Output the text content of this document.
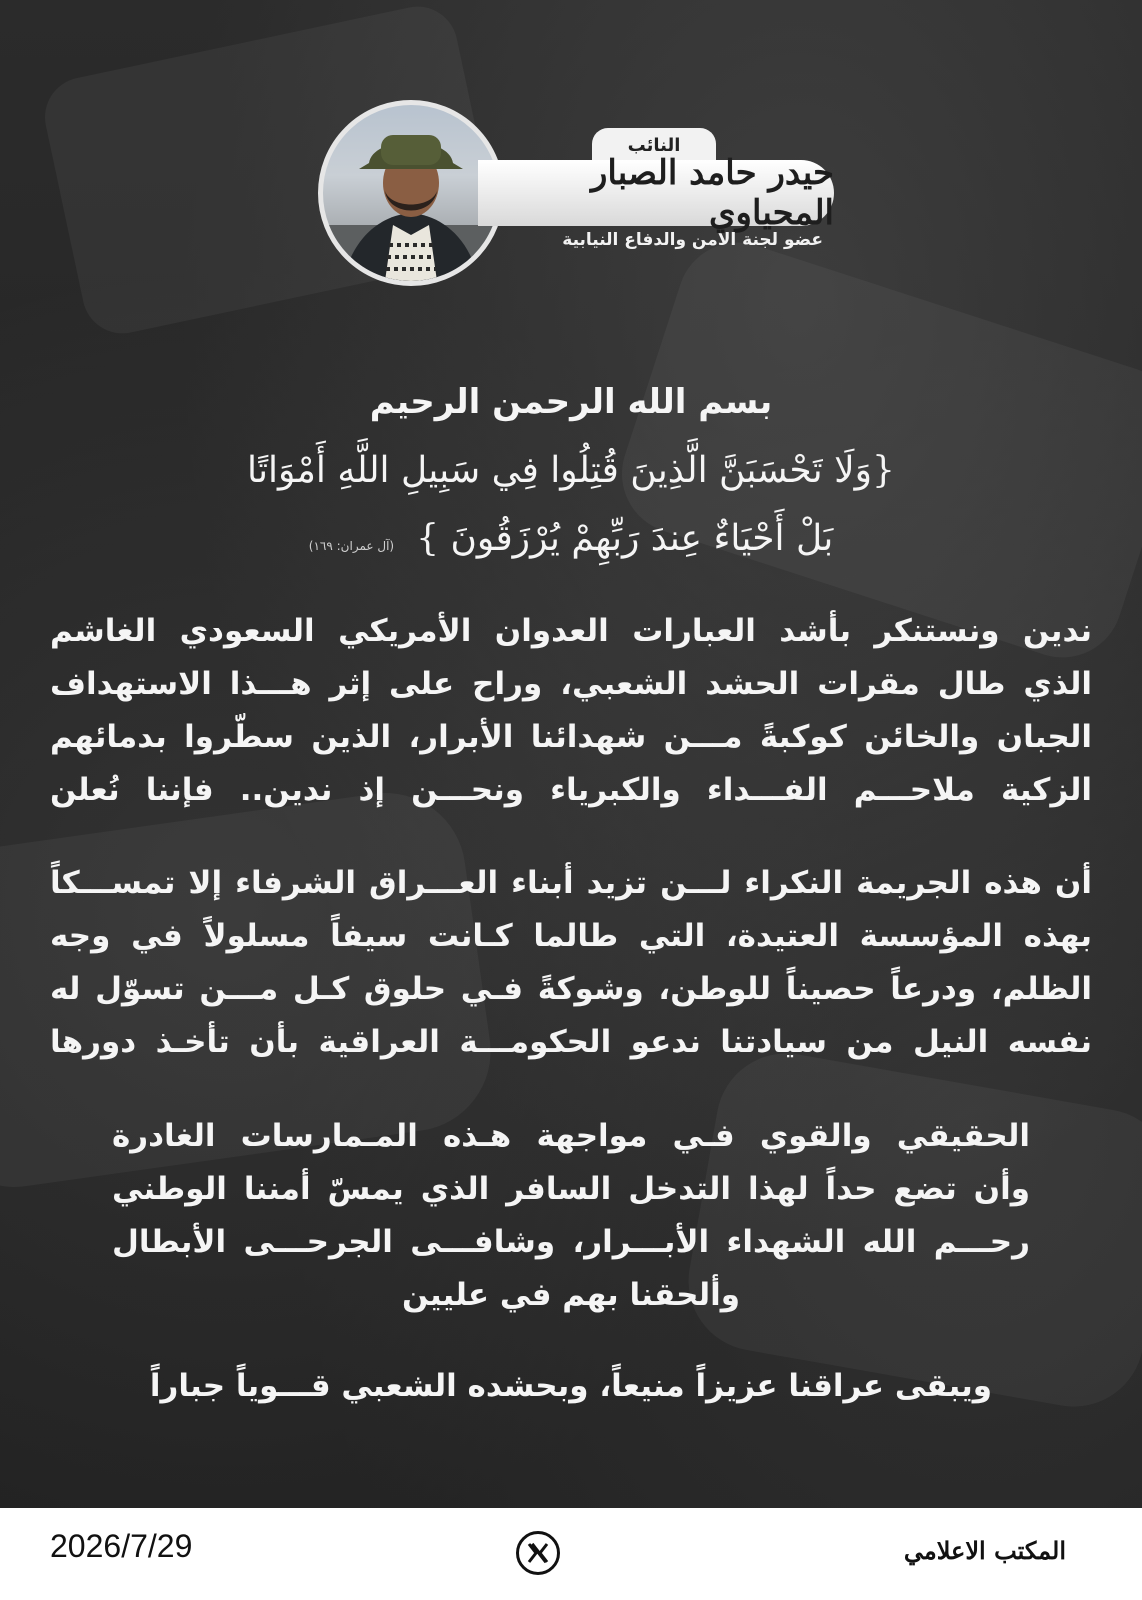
النائب
حيدر حامد الصبار المحياوي
عضو لجنة الامن والدفاع النيابية
بسم الله الرحمن الرحيم
{وَلَا تَحْسَبَنَّ الَّذِينَ قُتِلُوا فِي سَبِيلِ اللَّهِ أَمْوَاتًا
بَلْ أَحْيَاءٌ عِندَ رَبِّهِمْ يُرْزَقُونَ }
(آل عمران: ١٦٩)
ندين ونستنكر بأشد العبارات العدوان الأمريكي السعودي الغاشم
الذي طال مقرات الحشد الشعبي، وراح على إثر هـــذا الاستهداف
الجبان والخائن كوكبةً مـــن شهدائنا الأبرار، الذين سطّروا بدمائهم
الزكية ملاحـــم الفـــداء والكبرياء ونحـــن إذ ندين.. فإننا نُعلن
أن هذه الجريمة النكراء لـــن تزيد أبناء العـــراق الشرفاء إلا تمســـكاً
بهذه المؤسسة العتيدة، التي طالما كـانت سيفاً مسلولاً في وجه
الظلم، ودرعاً حصيناً للوطن، وشوكةً فـي حلوق كـل مـــن تسوّل له
نفسه النيل من سيادتنا ندعو الحكومـــة العراقية بأن تأخـذ دورها
الحقيقي والقوي فـي مواجهة هـذه المـمارسات الغادرة
وأن تضع حداً لهذا التدخل السافر الذي يمسّ أمننا الوطني
رحـــم الله الشهداء الأبـــرار، وشافـــى الجرحـــى الأبطال
وألحقنا بهم في عليين
ويبقى عراقنا عزيزاً منيعاً، وبحشده الشعبي قـــوياً جباراً
2026/7/29	المكتب الاعلامي
